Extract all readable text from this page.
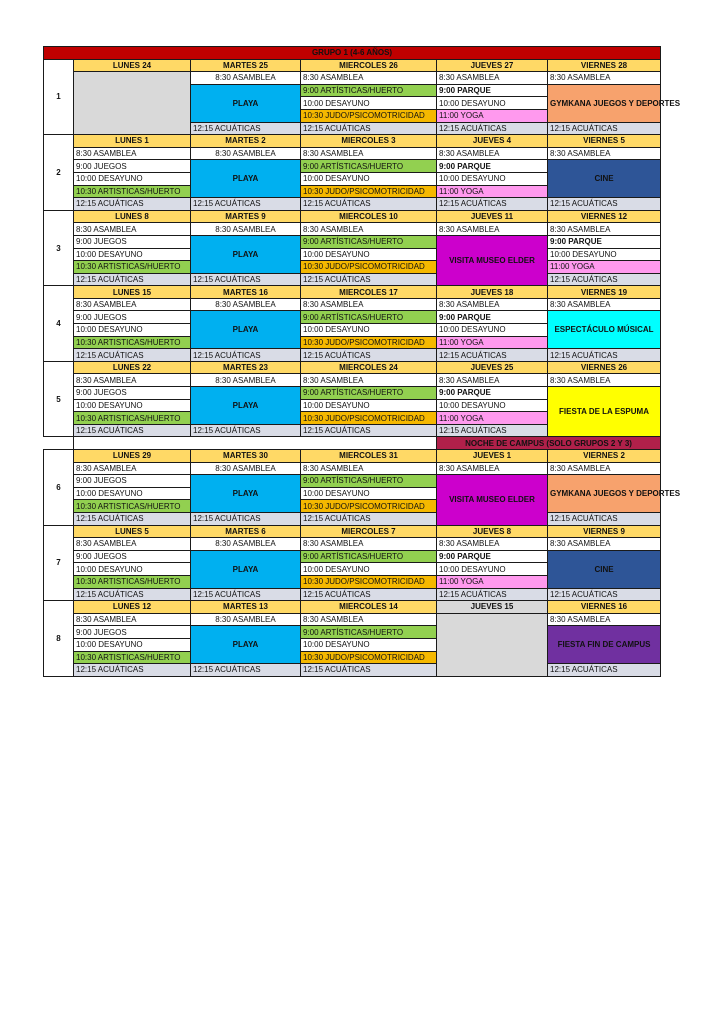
GRUPO 1 (4-6 AÑOS)					
1	LUNES 24	MARTES 25	MIERCOLES 26	JUEVES 27	VIERNES 28
		8:30 ASAMBLEA	8:30 ASAMBLEA	8:30 ASAMBLEA	8:30 ASAMBLEA
		PLAYA	9:00 ARTÍSTICAS/HUERTO	9:00 PARQUE	GYMKANA JUEGOS Y DEPORTES
			10:00 DESAYUNO	10:00 DESAYUNO	
			10:30 JUDO/PSICOMOTRICIDAD	11:00 YOGA	
		12:15 ACUÁTICAS	12:15 ACUÁTICAS	12:15 ACUÁTICAS	12:15 ACUÁTICAS
2	LUNES 1	MARTES 2	MIERCOLES 3	JUEVES 4	VIERNES 5
	8:30 ASAMBLEA	8:30 ASAMBLEA	8:30 ASAMBLEA	8:30 ASAMBLEA	8:30 ASAMBLEA
	9:00 JUEGOS	PLAYA	9:00 ARTÍSTICAS/HUERTO	9:00 PARQUE	CINE
	10:00 DESAYUNO		10:00 DESAYUNO	10:00 DESAYUNO	
	10:30 ARTISTICAS/HUERTO		10:30 JUDO/PSICOMOTRICIDAD	11:00 YOGA	
	12:15 ACUÁTICAS	12:15 ACUÁTICAS	12:15 ACUÁTICAS	12:15 ACUÁTICAS	12:15 ACUÁTICAS
3	LUNES 8	MARTES 9	MIERCOLES 10	JUEVES 11	VIERNES 12
	8:30 ASAMBLEA	8:30 ASAMBLEA	8:30 ASAMBLEA	8:30 ASAMBLEA	8:30 ASAMBLEA
	9:00 JUEGOS	PLAYA	9:00 ARTÍSTICAS/HUERTO	VISITA MUSEO ELDER	9:00 PARQUE
	10:00 DESAYUNO		10:00 DESAYUNO		10:00 DESAYUNO
	10:30 ARTISTICAS/HUERTO		10:30 JUDO/PSICOMOTRICIDAD		11:00 YOGA
	12:15 ACUÁTICAS	12:15 ACUÁTICAS	12:15 ACUÁTICAS		12:15 ACUÁTICAS
4	LUNES 15	MARTES 16	MIERCOLES 17	JUEVES 18	VIERNES 19
	8:30 ASAMBLEA	8:30 ASAMBLEA	8:30 ASAMBLEA	8:30 ASAMBLEA	8:30 ASAMBLEA
	9:00 JUEGOS	PLAYA	9:00 ARTÍSTICAS/HUERTO	9:00 PARQUE	ESPECTÁCULO MÚSICAL
	10:00 DESAYUNO		10:00 DESAYUNO	10:00 DESAYUNO	
	10:30 ARTISTICAS/HUERTO		10:30 JUDO/PSICOMOTRICIDAD	11:00 YOGA	
	12:15 ACUÁTICAS	12:15 ACUÁTICAS	12:15 ACUÁTICAS	12:15 ACUÁTICAS	12:15 ACUÁTICAS
5	LUNES 22	MARTES 23	MIERCOLES 24	JUEVES 25	VIERNES 26
	8:30 ASAMBLEA	8:30 ASAMBLEA	8:30 ASAMBLEA	8:30 ASAMBLEA	8:30 ASAMBLEA
	9:00 JUEGOS	PLAYA	9:00 ARTÍSTICAS/HUERTO	9:00 PARQUE	FIESTA DE LA ESPUMA
	10:00 DESAYUNO		10:00 DESAYUNO	10:00 DESAYUNO	
	10:30 ARTISTICAS/HUERTO		10:30 JUDO/PSICOMOTRICIDAD	11:00 YOGA	
	12:15 ACUÁTICAS	12:15 ACUÁTICAS	12:15 ACUÁTICAS	12:15 ACUÁTICAS	
				NOCHE DE CAMPUS (SOLO GRUPOS 2 Y 3)	
6	LUNES 29	MARTES 30	MIERCOLES 31	JUEVES 1	VIERNES 2
	8:30 ASAMBLEA	8:30 ASAMBLEA	8:30 ASAMBLEA	8:30 ASAMBLEA	8:30 ASAMBLEA
	9:00 JUEGOS	PLAYA	9:00 ARTÍSTICAS/HUERTO	VISITA MUSEO ELDER	GYMKANA JUEGOS Y DEPORTES
	10:00 DESAYUNO		10:00 DESAYUNO		
	10:30 ARTISTICAS/HUERTO		10:30 JUDO/PSICOMOTRICIDAD		
	12:15 ACUÁTICAS	12:15 ACUÁTICAS	12:15 ACUÁTICAS		12:15 ACUÁTICAS
7	LUNES 5	MARTES 6	MIERCOLES 7	JUEVES 8	VIERNES 9
	8:30 ASAMBLEA	8:30 ASAMBLEA	8:30 ASAMBLEA	8:30 ASAMBLEA	8:30 ASAMBLEA
	9:00 JUEGOS	PLAYA	9:00 ARTÍSTICAS/HUERTO	9:00 PARQUE	CINE
	10:00 DESAYUNO		10:00 DESAYUNO	10:00 DESAYUNO	
	10:30 ARTISTICAS/HUERTO		10:30 JUDO/PSICOMOTRICIDAD	11:00 YOGA	
	12:15 ACUÁTICAS	12:15 ACUÁTICAS	12:15 ACUÁTICAS	12:15 ACUÁTICAS	12:15 ACUÁTICAS
8	LUNES 12	MARTES 13	MIERCOLES 14	JUEVES 15	VIERNES 16
	8:30 ASAMBLEA	8:30 ASAMBLEA	8:30 ASAMBLEA		8:30 ASAMBLEA
	9:00 JUEGOS	PLAYA	9:00 ARTÍSTICAS/HUERTO		FIESTA FIN DE CAMPUS
	10:00 DESAYUNO		10:00 DESAYUNO		
	10:30 ARTISTICAS/HUERTO		10:30 JUDO/PSICOMOTRICIDAD		
	12:15 ACUÁTICAS	12:15 ACUÁTICAS	12:15 ACUÁTICAS		12:15 ACUÁTICAS
